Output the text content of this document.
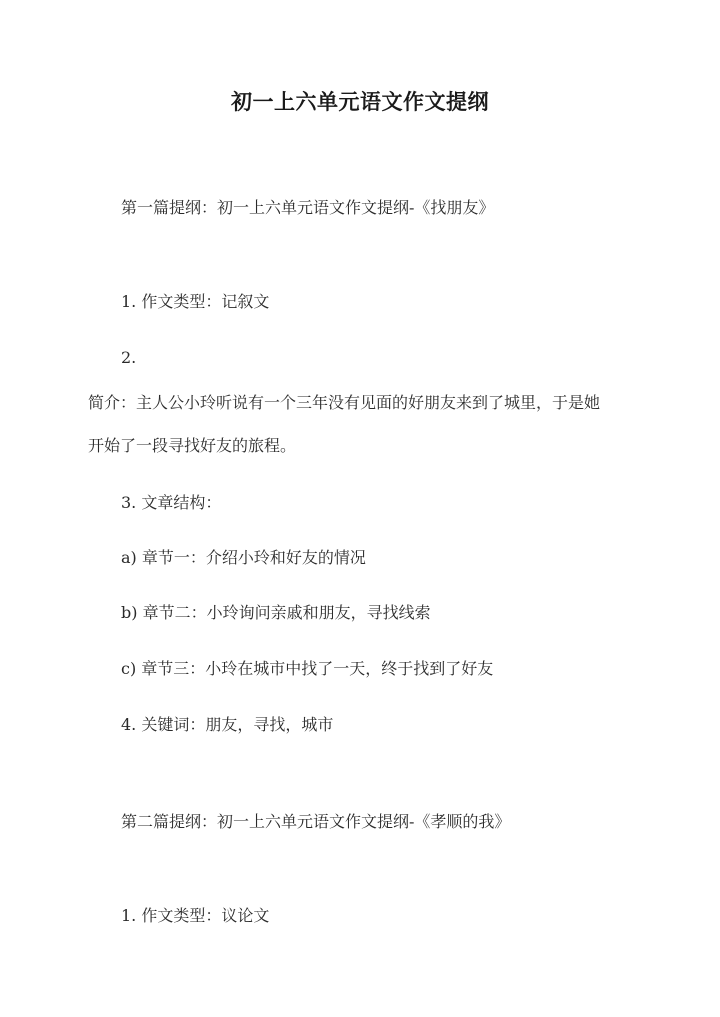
初一上六单元语文作文提纲
第一篇提纲：初一上六单元语文作文提纲-《找朋友》
1. 作文类型：记叙文
2.
简介：主人公小玲听说有一个三年没有见面的好朋友来到了城里，于是她
开始了一段寻找好友的旅程。
3. 文章结构：
a) 章节一：介绍小玲和好友的情况
b) 章节二：小玲询问亲戚和朋友，寻找线索
c) 章节三：小玲在城市中找了一天，终于找到了好友
4. 关键词：朋友，寻找，城市
第二篇提纲：初一上六单元语文作文提纲-《孝顺的我》
1. 作文类型：议论文
